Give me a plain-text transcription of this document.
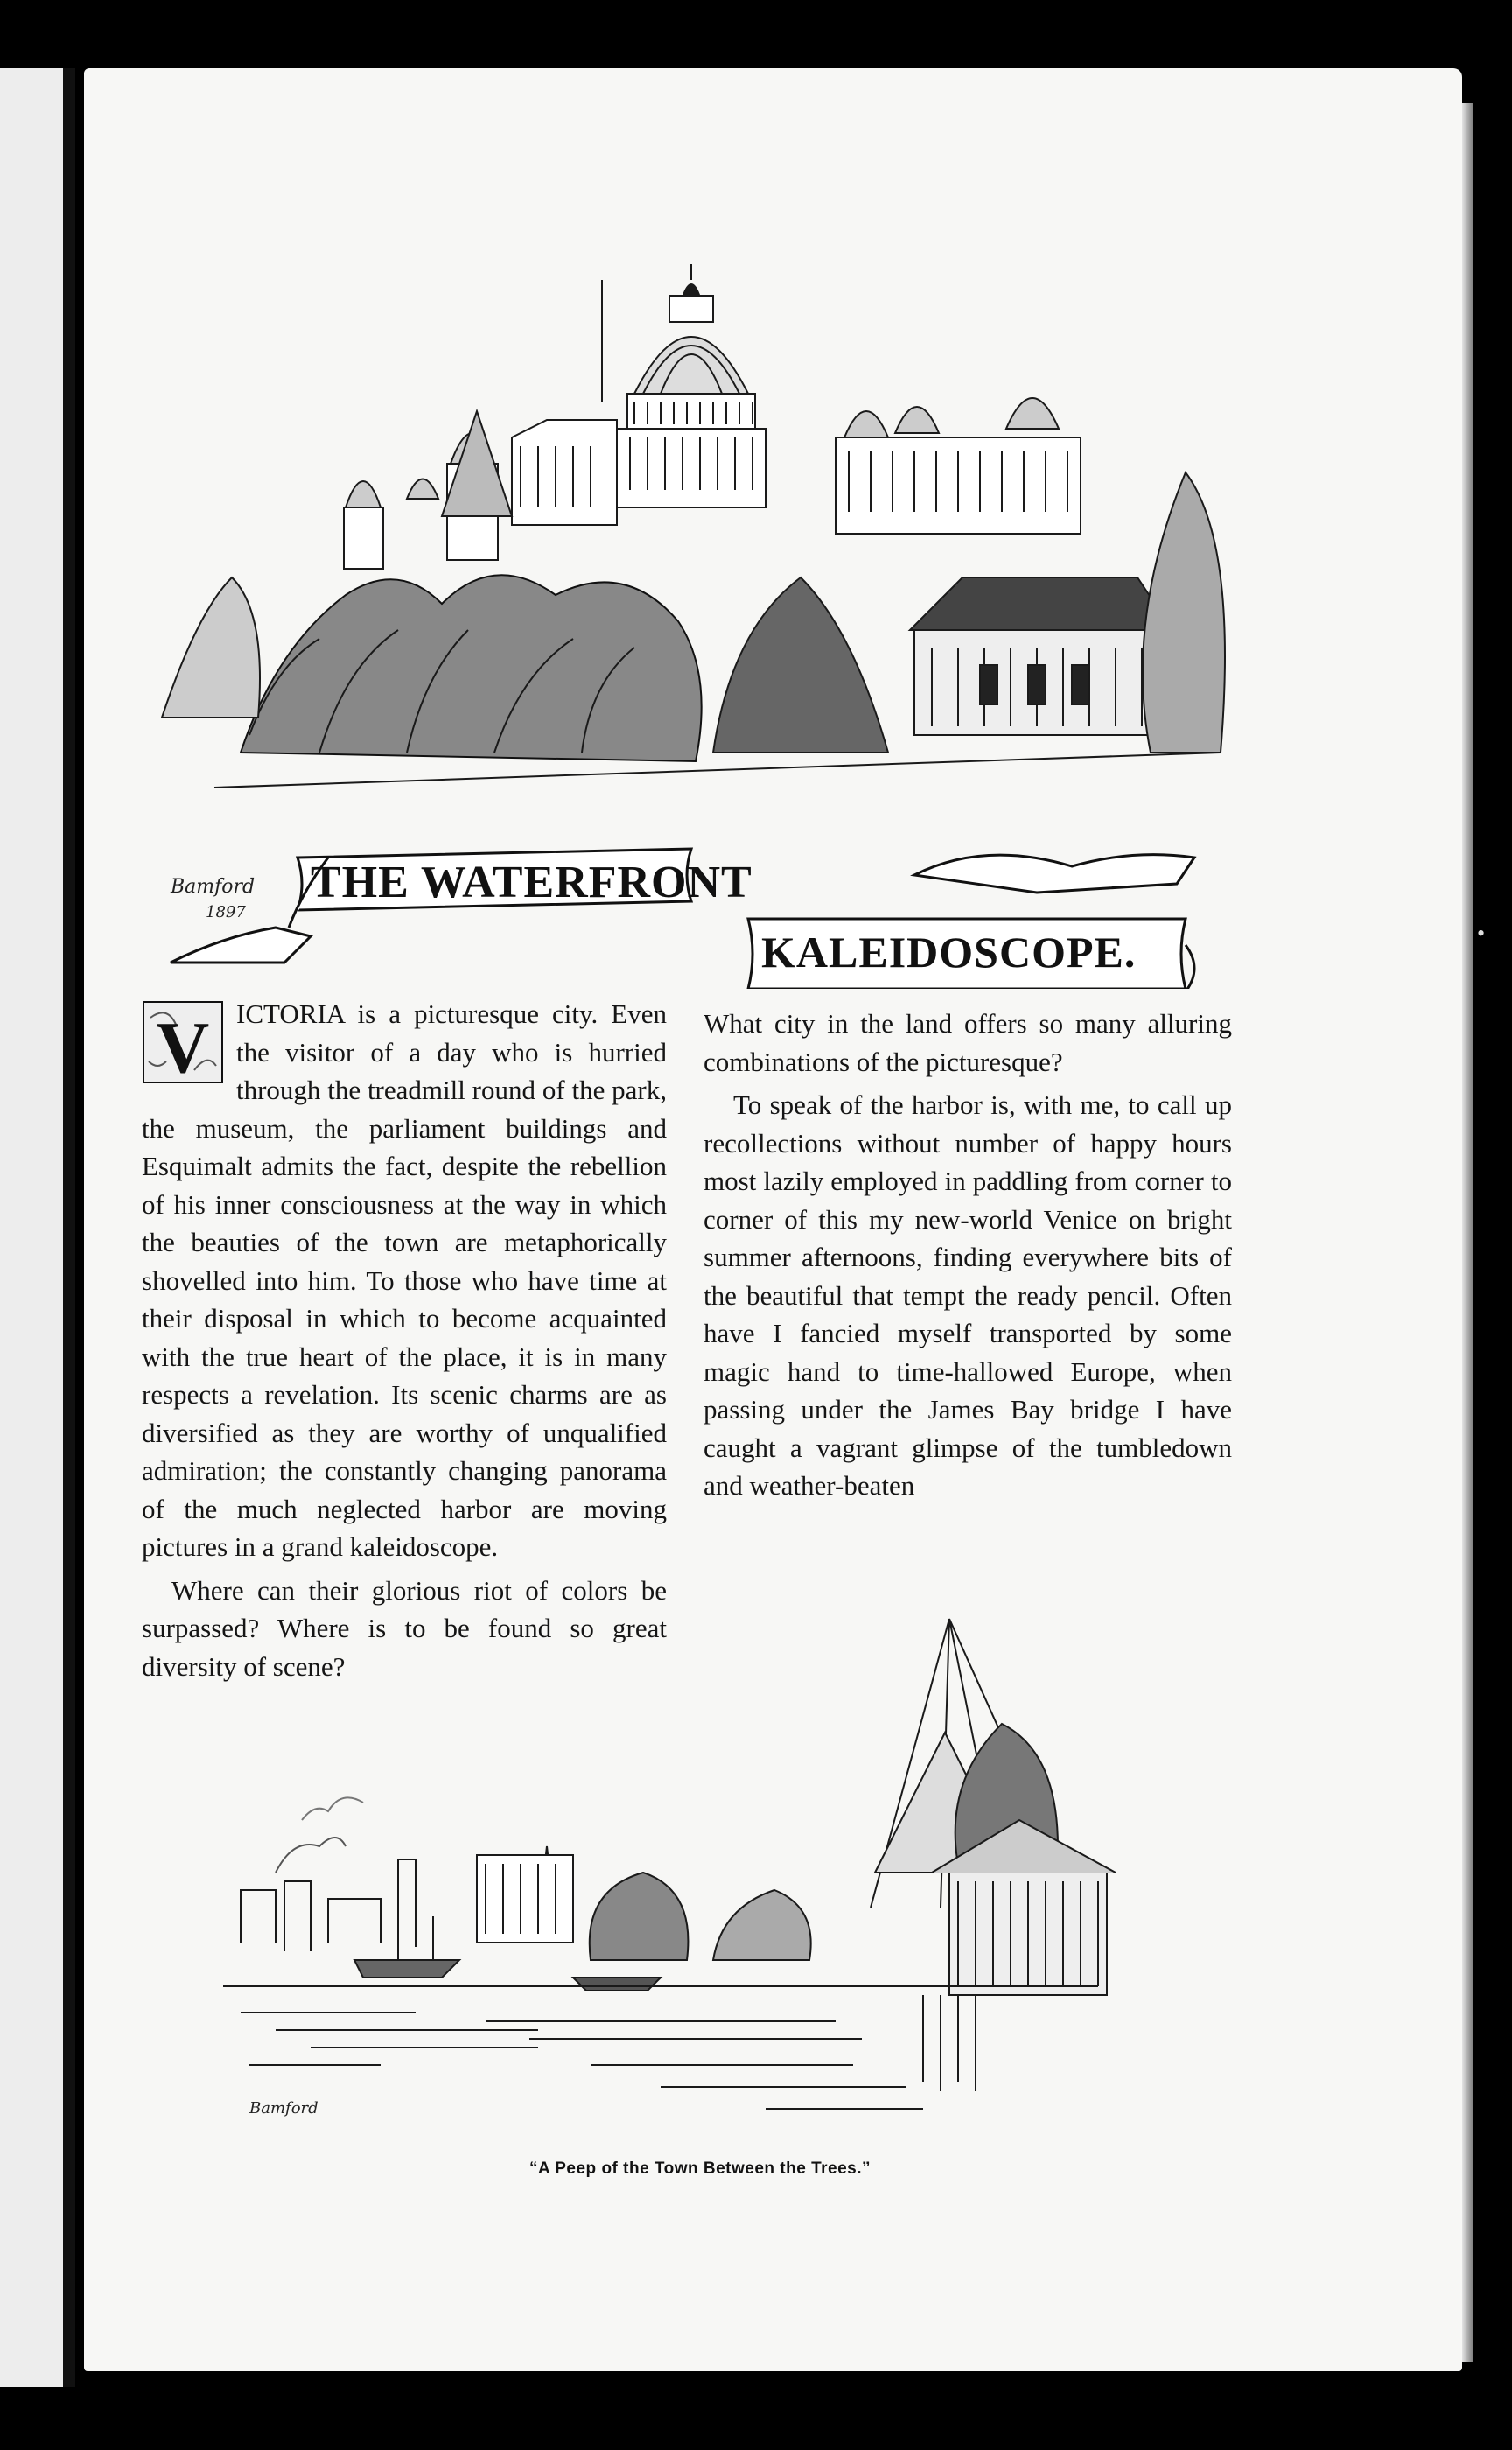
•
Bamford
1897
THE WATERFRONT
KALEIDOSCOPE.
V ICTORIA is a picturesque city. Even the visitor of a day who is hurried through the treadmill round of the park, the museum, the parliament buildings and Esquimalt admits the fact, despite the rebellion of his inner consciousness at the way in which the beauties of the town are metaphorically shovelled into him. To those who have time at their disposal in which to become acquainted with the true heart of the place, it is in many respects a revelation. Its scenic charms are as diversified as they are worthy of unqualified admiration; the constantly changing panorama of the much neglected harbor are moving pictures in a grand kaleidoscope.

Where can their glorious riot of colors be surpassed? Where is to be found so great diversity of scene?

What city in the land offers so many alluring combinations of the picturesque?

To speak of the harbor is, with me, to call up recollections without number of happy hours most lazily employed in paddling from corner to corner of this my new-world Venice on bright summer afternoons, finding everywhere bits of the beautiful that tempt the ready pencil. Often have I fancied myself transported by some magic hand to time-hallowed Europe, when passing under the James Bay bridge I have caught a vagrant glimpse of the tumbledown and weather-beaten

Bamford
“A Peep of the Town Between the Trees.”
